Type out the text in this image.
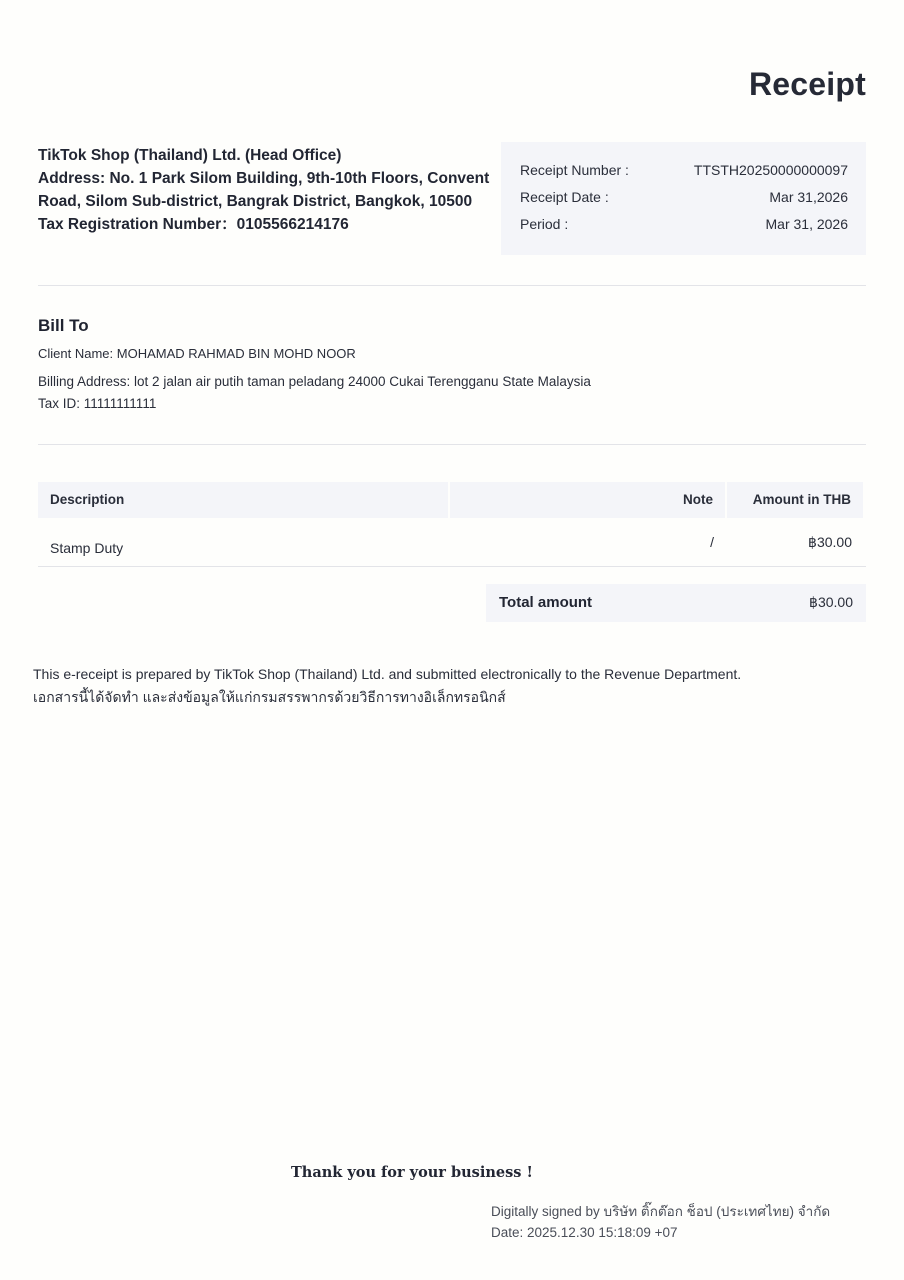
Receipt
TikTok Shop (Thailand) Ltd. (Head Office)
Address: No. 1 Park Silom Building, 9th-10th Floors, Convent
Road, Silom Sub-district, Bangrak District, Bangkok, 10500
Tax Registration Number：0105566214176
Receipt Number :	TTSTH20250000000097
Receipt Date :	Mar 31,2026
Period :	Mar 31, 2026
Bill To
Client Name: MOHAMAD RAHMAD BIN MOHD NOOR
Billing Address: lot 2 jalan air putih taman peladang 24000 Cukai Terengganu State Malaysia
Tax ID: 11111111111
Description	Note	Amount in THB
Stamp Duty	/	฿30.00
Total amount	฿30.00
This e-receipt is prepared by TikTok Shop (Thailand) Ltd. and submitted electronically to the Revenue Department.
เอกสารนี้ได้จัดทำ และส่งข้อมูลให้แก่กรมสรรพากรด้วยวิธีการทางอิเล็กทรอนิกส์
Thank you for your business !
Digitally signed by บริษัท ติ๊กต๊อก ช็อป (ประเทศไทย) จำกัด
Date: 2025.12.30 15:18:09 +07
